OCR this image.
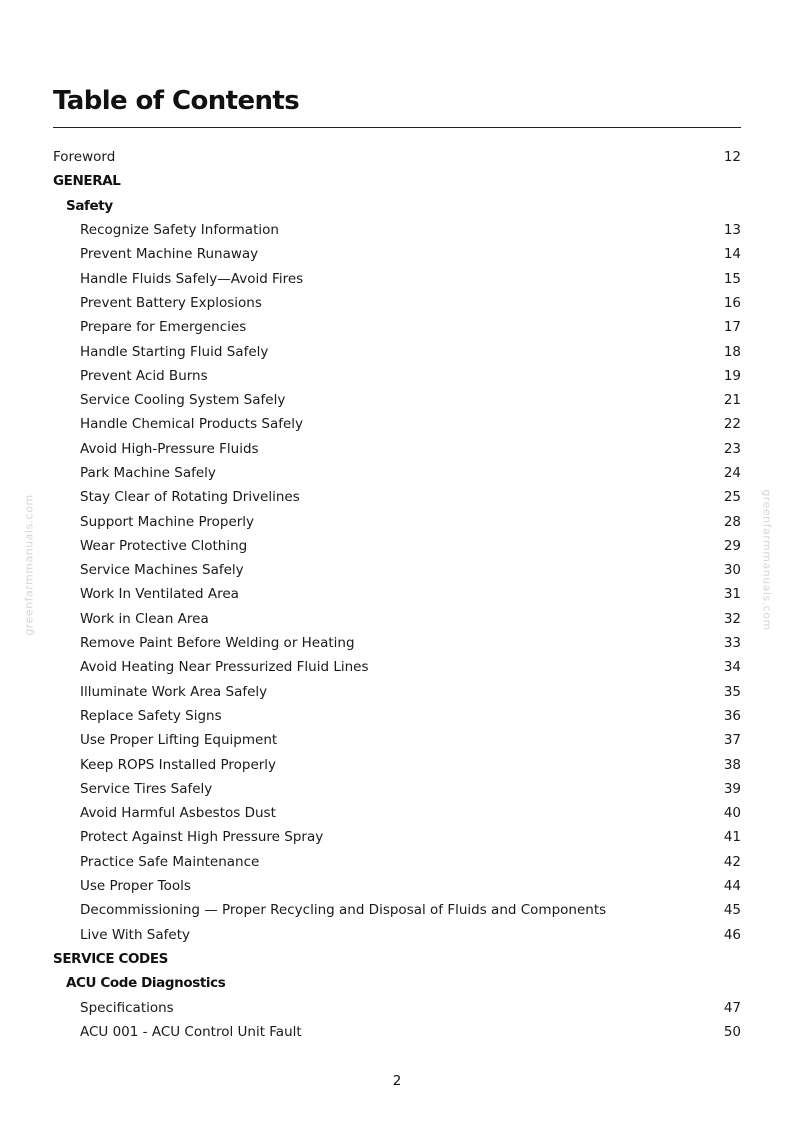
Table of Contents
Foreword	12
GENERAL
Safety
Recognize Safety Information	13
Prevent Machine Runaway	14
Handle Fluids Safely—Avoid Fires	15
Prevent Battery Explosions	16
Prepare for Emergencies	17
Handle Starting Fluid Safely	18
Prevent Acid Burns	19
Service Cooling System Safely	21
Handle Chemical Products Safely	22
Avoid High-Pressure Fluids	23
Park Machine Safely	24
Stay Clear of Rotating Drivelines	25
Support Machine Properly	28
Wear Protective Clothing	29
Service Machines Safely	30
Work In Ventilated Area	31
Work in Clean Area	32
Remove Paint Before Welding or Heating	33
Avoid Heating Near Pressurized Fluid Lines	34
Illuminate Work Area Safely	35
Replace Safety Signs	36
Use Proper Lifting Equipment	37
Keep ROPS Installed Properly	38
Service Tires Safely	39
Avoid Harmful Asbestos Dust	40
Protect Against High Pressure Spray	41
Practice Safe Maintenance	42
Use Proper Tools	44
Decommissioning — Proper Recycling and Disposal of Fluids and Components	45
Live With Safety	46
SERVICE CODES
ACU Code Diagnostics
Specifications	47
ACU 001 - ACU Control Unit Fault	50
greenfarmmanuals.com	greenfarmmanuals.com
2
